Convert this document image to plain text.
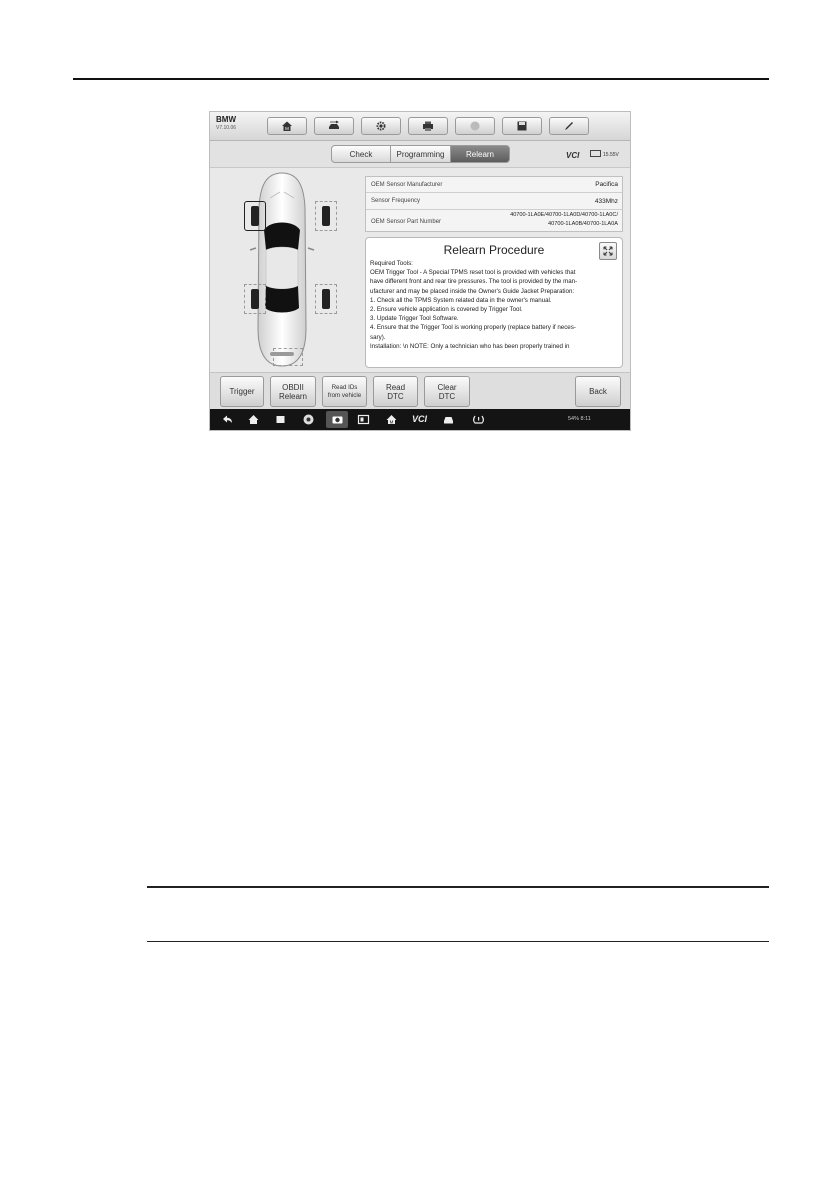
BMW
V7.10.06	M
Check	Programming	Relearn	VCI	15.55V
OEM Sensor Manufacturer	Pacifica
Sensor Frequency	433Mhz
OEM Sensor Part Number
40700-1LA0E/40700-1LA0D/40700-1LA0C/
40700-1LA0B/40700-1LA0A
Relearn Procedure
Required Tools:
OEM Trigger Tool - A Special TPMS reset tool is provided with vehicles that
have different front and rear tire pressures. The tool is provided by the man-
ufacturer and may be placed inside the Owner's Guide Jacket Preparation:
1. Check all the TPMS System related data in the owner's manual.
2. Ensure vehicle application is covered by Trigger Tool.
3. Update Trigger Tool Software.
4. Ensure that the Trigger Tool is working properly (replace battery if neces-
sary).
Installation: \n NOTE: Only a technician who has been properly trained in
Trigger	OBDII
Relearn
Read IDs
from vehicle
Read
DTC
Clear
DTC	Back
M VCI	54% 8:11
